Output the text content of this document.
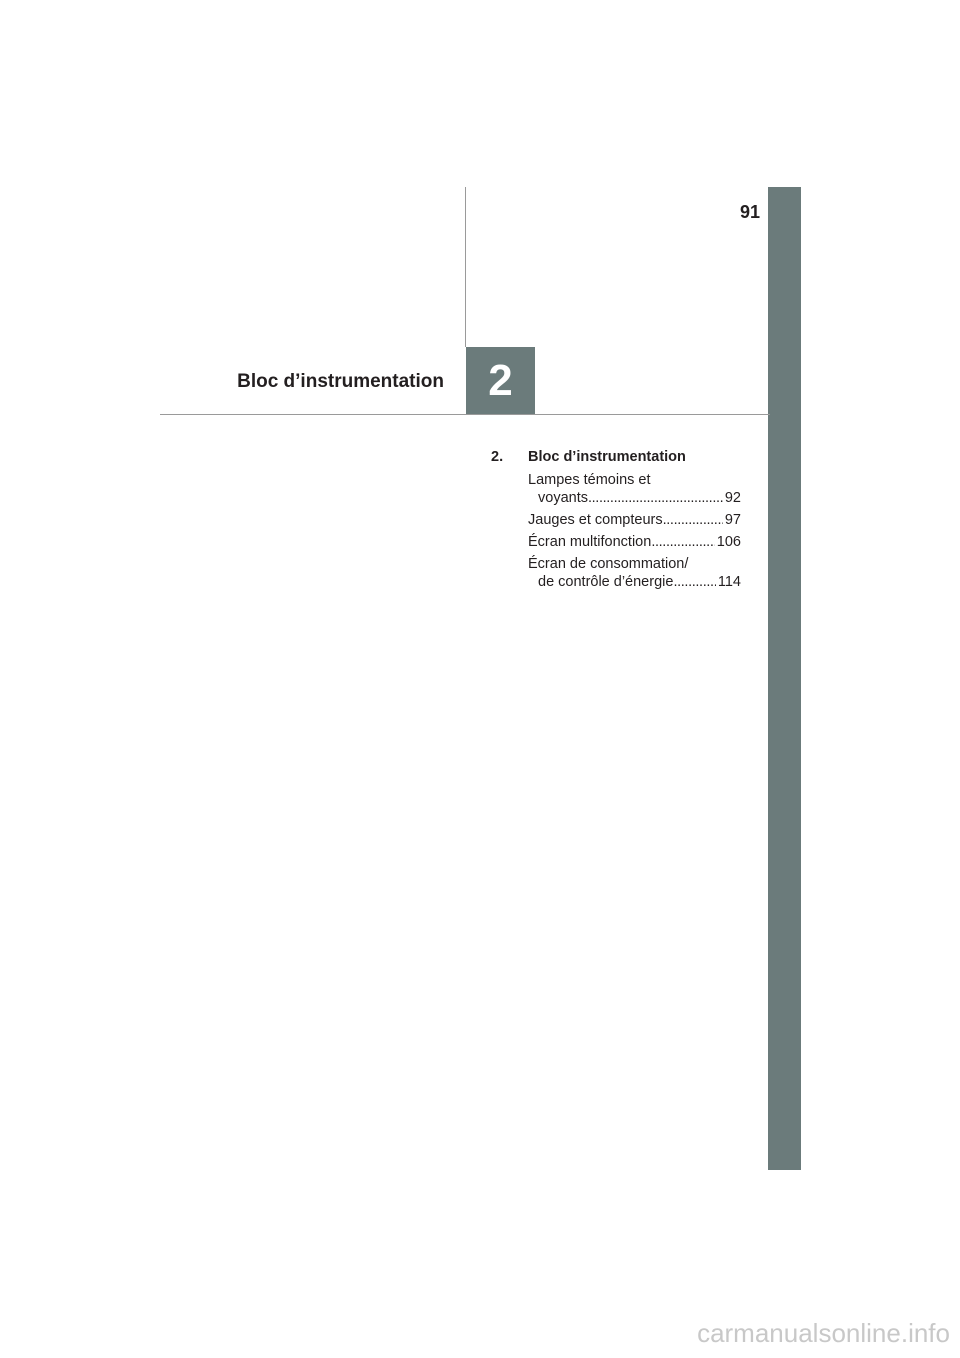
91
2
Bloc d’instrumentation
2.	Bloc d’instrumentation
Lampes témoins et
voyants . . .	92
Jauges et compteurs . . .	97
Écran multifonction . . .	106
Écran de consommation/
de contrôle d’énergie . . .	114
carmanualsonline.info
